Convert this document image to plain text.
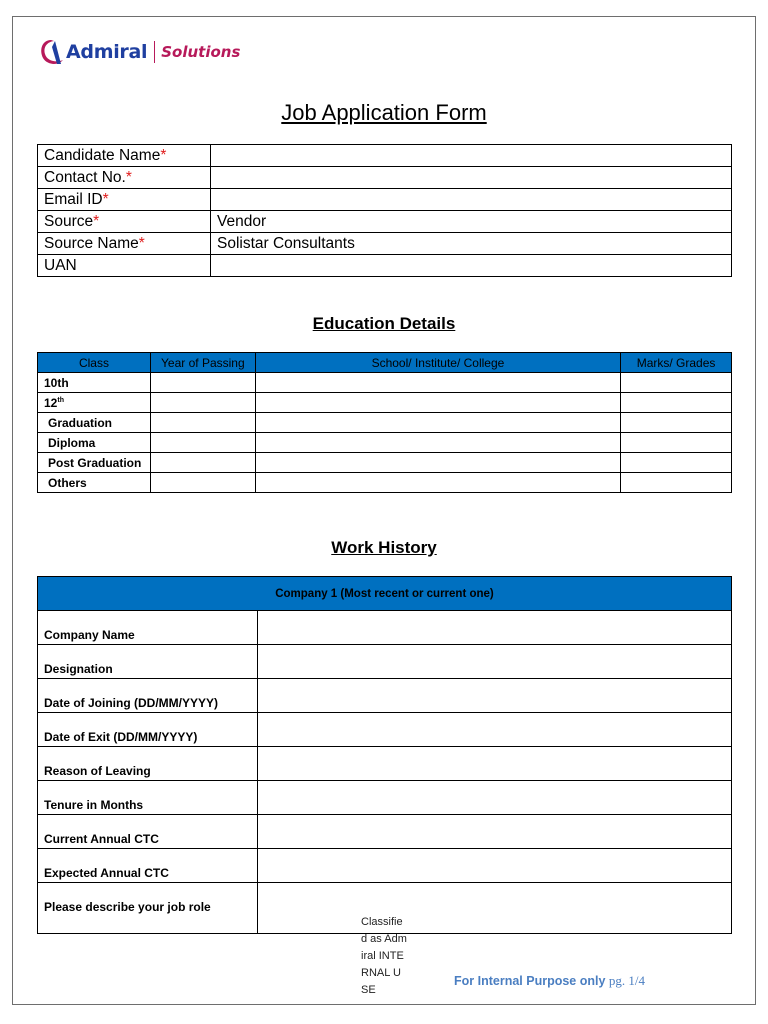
Admiral Solutions
Job Application Form
Candidate Name*	
Contact No.*	
Email ID*	
Source*	Vendor
Source Name*	Solistar Consultants
UAN	
Education Details
Class	Year of Passing	School/ Institute/ College	Marks/ Grades
10th			
12th			
Graduation			
Diploma			
Post Graduation			
Others			
Work History
Company 1 (Most recent or current one)	
Company Name	
Designation	
Date of Joining (DD/MM/YYYY)	
Date of Exit (DD/MM/YYYY)	
Reason of Leaving	
Tenure in Months	
Current Annual CTC	
Expected Annual CTC	
Please describe your job role	
Classified as Admiral INTERNAL USE
For Internal Purpose only pg. 1/4
